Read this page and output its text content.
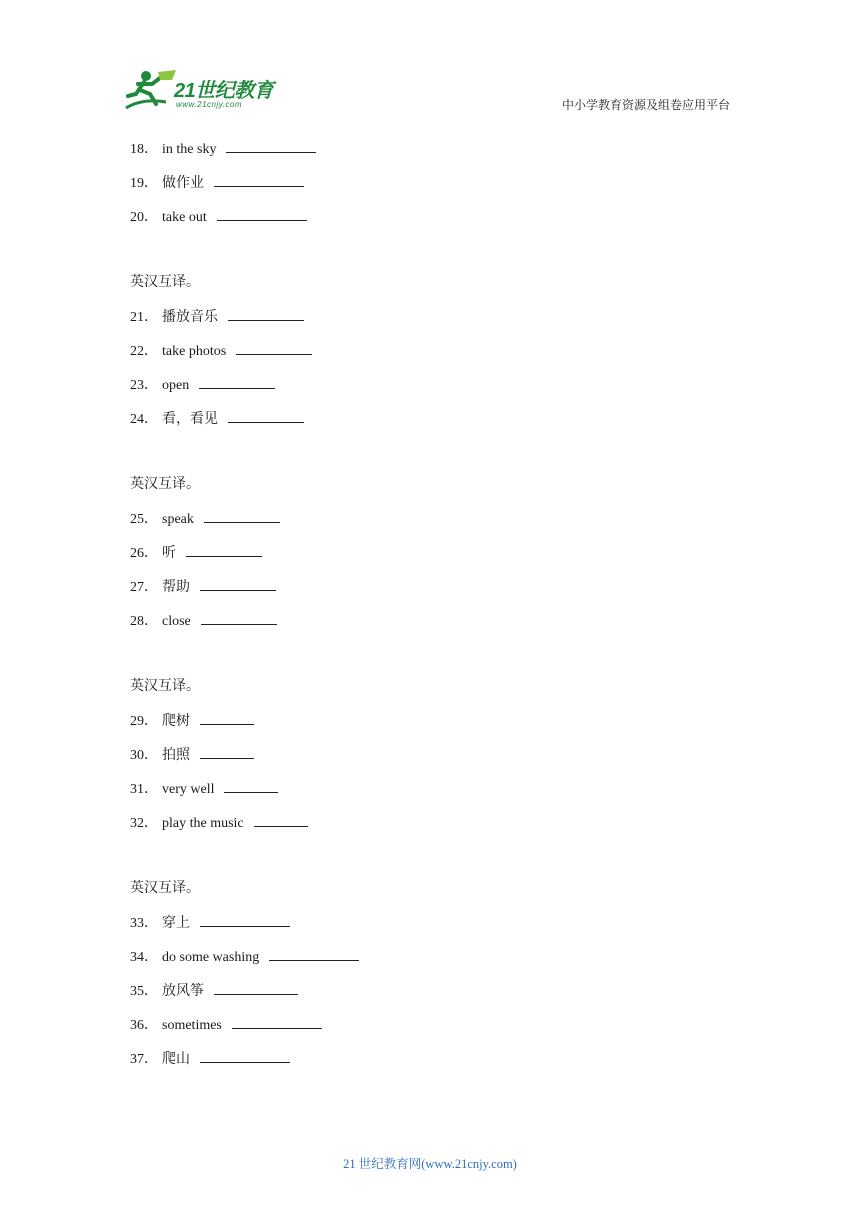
21世纪教育
www.21cnjy.com	中小学教育资源及组卷应用平台
18． in the sky
19． 做作业
20． take out
英汉互译。
21． 播放音乐
22． take photos
23． open
24． 看，看见
英汉互译。
25． speak
26． 听
27． 帮助
28． close
英汉互译。
29． 爬树
30． 拍照
31． very well
32． play the music
英汉互译。
33． 穿上
34． do some washing
35． 放风筝
36． sometimes
37． 爬山
21 世纪教育网(www.21cnjy.com)
